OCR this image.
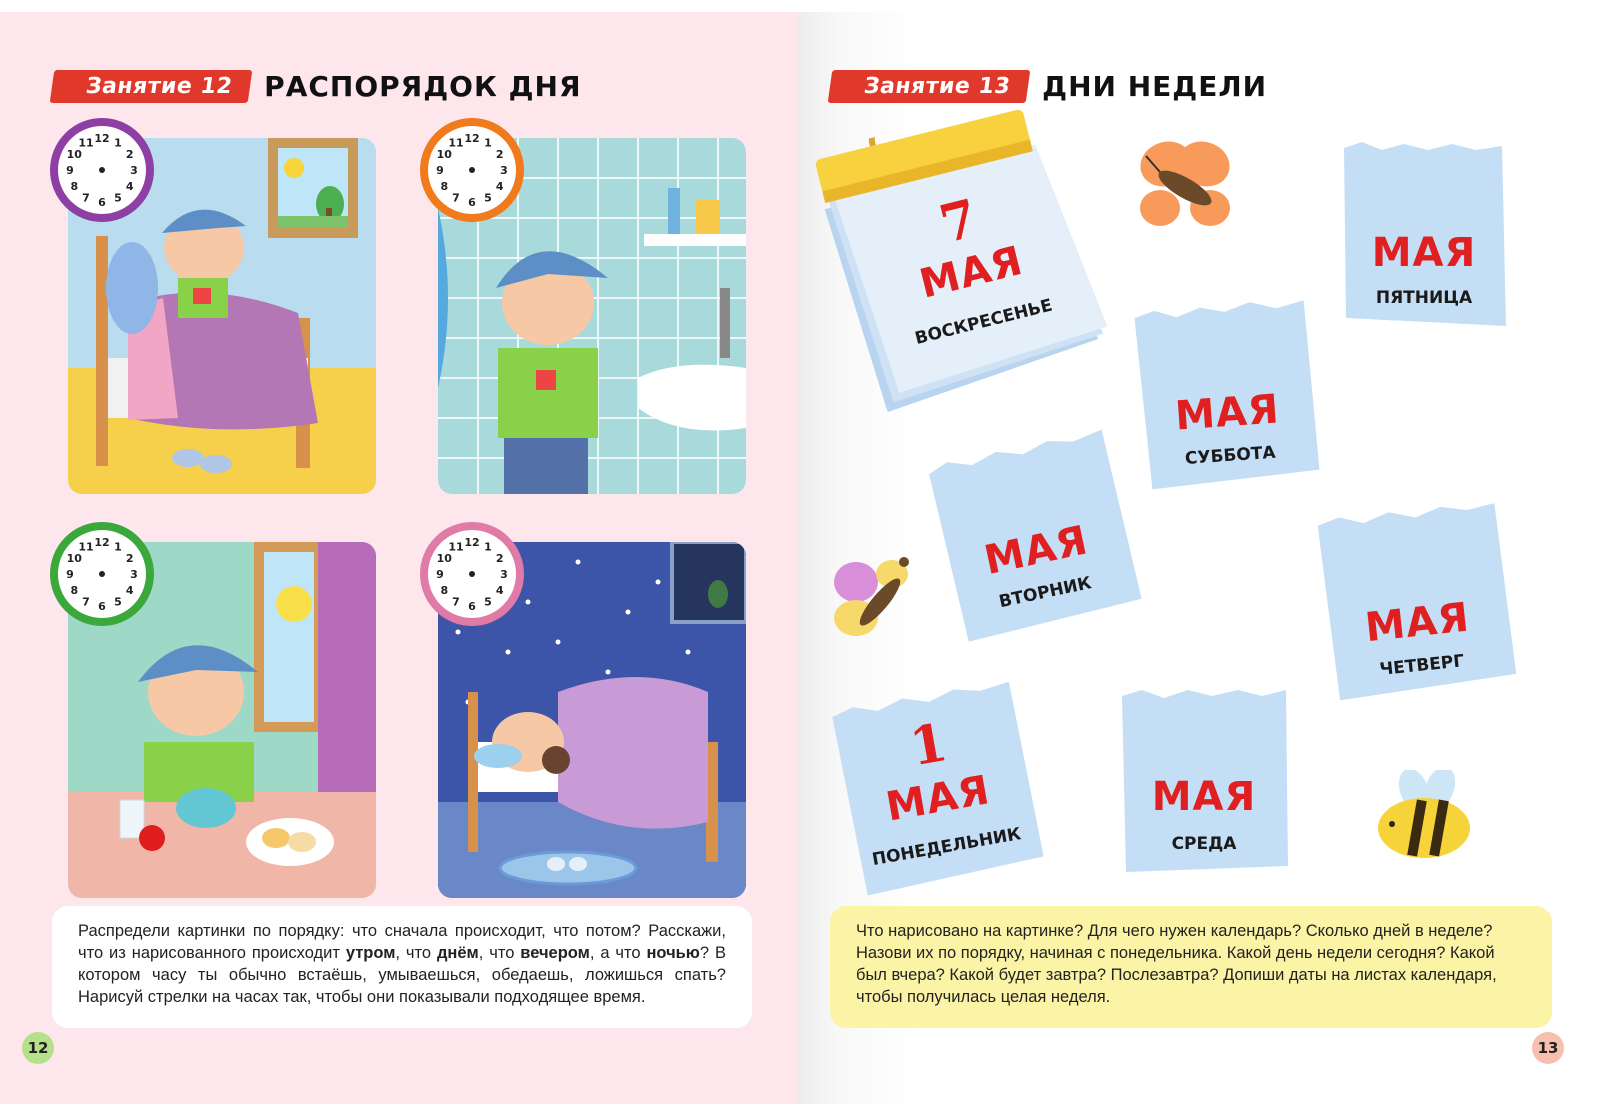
Занятие 12	РАСПОРЯДОК ДНЯ
12 1
2
3
4
5
6
7
8
9
10
11	12 1
2
3
4
5
6
7
8
9
10
11
12 1
2
3
4
5
6
7
8
9
10
11	12 1
2
3
4
5
6
7
8
9
10
11
Распредели картинки по порядку: что сначала происходит, что потом? Расскажи, что из нарисованного происходит утром, что днём, что вечером, а что ночью? В котором часу ты обычно встаёшь, умываешься, обедаешь, ложишься спать? Нарисуй стрелки на часах так, чтобы они показывали подходящее время.
12
Занятие 13	ДНИ НЕДЕЛИ
7
МАЯ
ВОСКРЕСЕНЬЕ
МАЯ
ПЯТНИЦА
МАЯ
СУББОТА
МАЯ
ВТОРНИК
МАЯ
ЧЕТВЕРГ
1
МАЯ
ПОНЕДЕЛЬНИК
МАЯ
СРЕДА
Что нарисовано на картинке? Для чего нужен календарь? Сколько дней в неделе? Назови их по порядку, начиная с понедельника. Какой день недели сегодня? Какой был вчера? Какой будет завтра? Послезавтра? Допиши даты на листах календаря, чтобы получилась целая неделя.
13
